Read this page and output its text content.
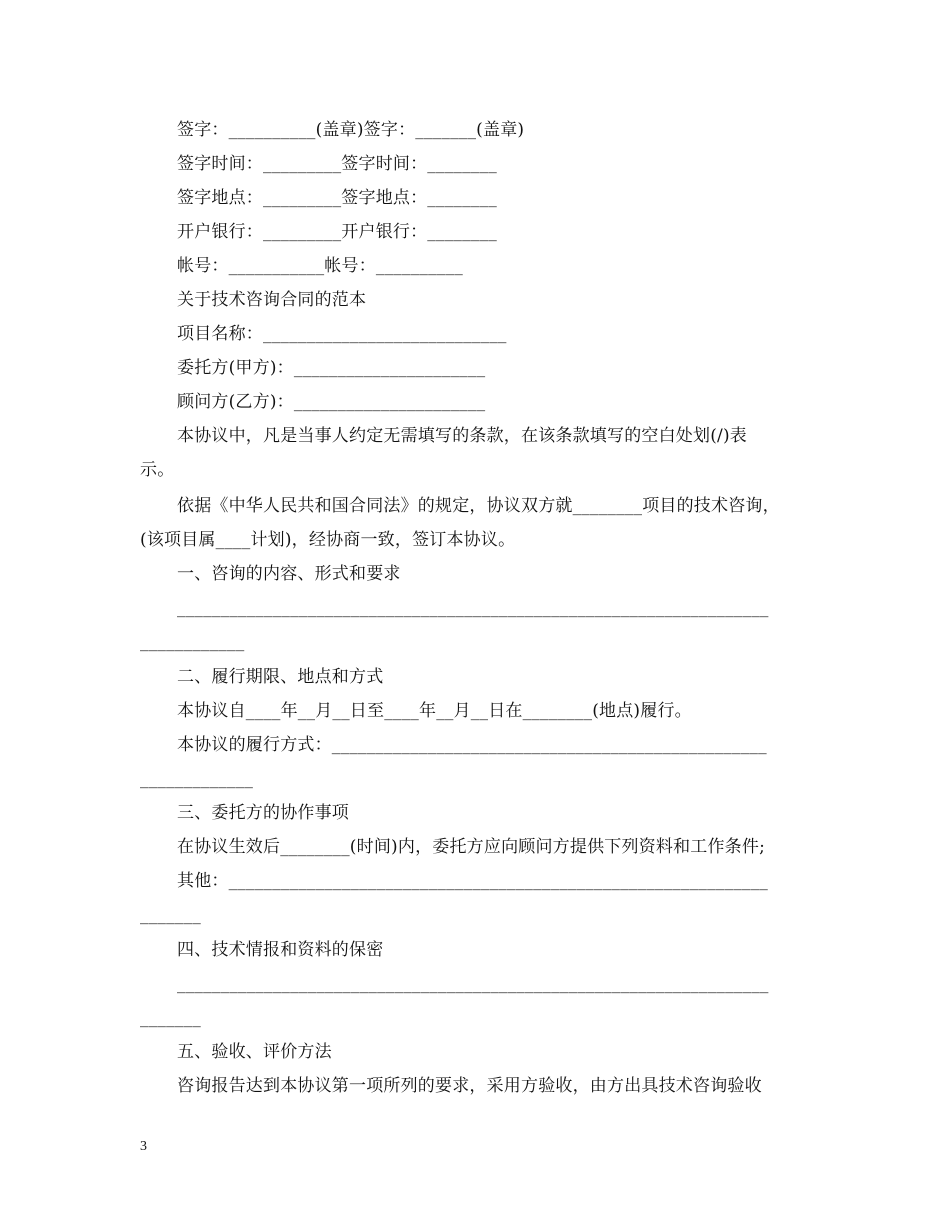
签字：__________(盖章)签字：_______(盖章)
签字时间：_________签字时间：________
签字地点：_________签字地点：________
开户银行：_________开户银行：________
帐号：___________帐号：__________
关于技术咨询合同的范本
项目名称：____________________________
委托方(甲方)：______________________
顾问方(乙方)：______________________
本协议中，凡是当事人约定无需填写的条款，在该条款填写的空白处划(/)表
示。
依据《中华人民共和国合同法》的规定，协议双方就________项目的技术咨询，
(该项目属____计划)，经协商一致，签订本协议。
一、咨询的内容、形式和要求
____________________________________________________________________
____________
二、履行期限、地点和方式
本协议自____年__月__日至____年__月__日在________(地点)履行。
本协议的履行方式：__________________________________________________
_____________
三、委托方的协作事项
在协议生效后________(时间)内，委托方应向顾问方提供下列资料和工作条件;
其他：______________________________________________________________
_______
四、技术情报和资料的保密
____________________________________________________________________
_______
五、验收、评价方法
咨询报告达到本协议第一项所列的要求，采用方验收，由方出具技术咨询验收
3
